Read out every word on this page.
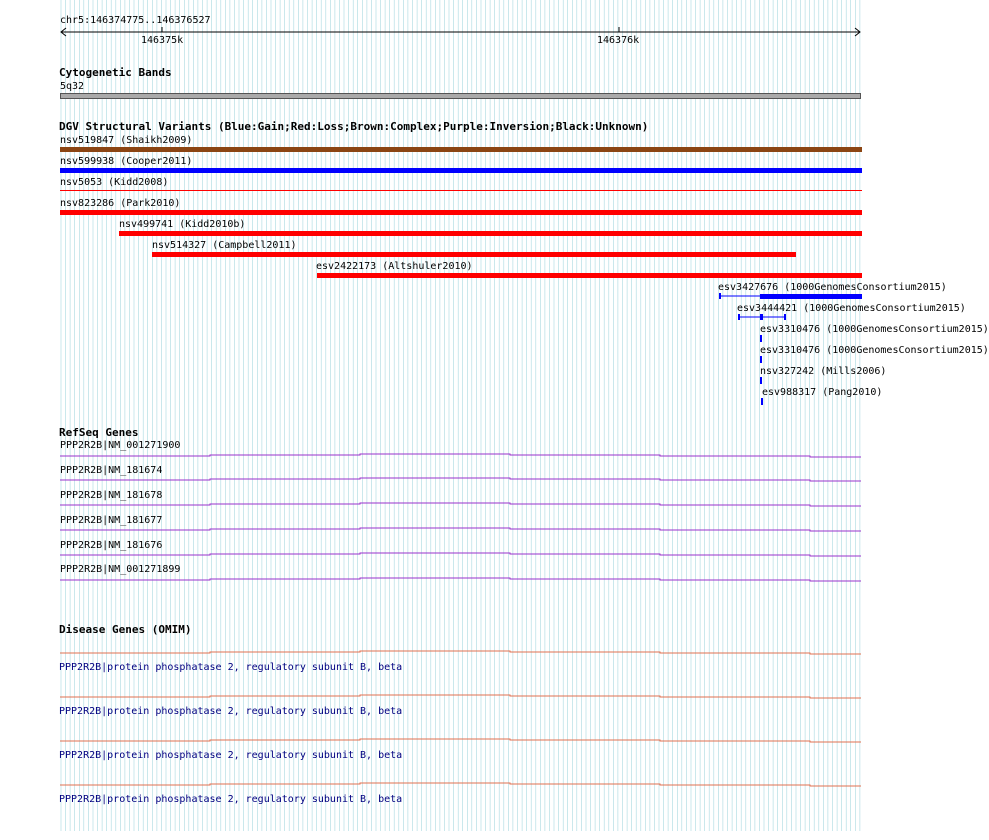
chr5:146374775..146376527
146375k	146376k
Cytogenetic Bands
5q32
DGV Structural Variants (Blue:Gain;Red:Loss;Brown:Complex;Purple:Inversion;Black:Unknown)
nsv519847 (Shaikh2009)
nsv599938 (Cooper2011)
nsv5053 (Kidd2008)
nsv823286 (Park2010)
nsv499741 (Kidd2010b)
nsv514327 (Campbell2011)
esv2422173 (Altshuler2010)
esv3427676 (1000GenomesConsortium2015)
esv3444421 (1000GenomesConsortium2015)
esv3310476 (1000GenomesConsortium2015)
esv3310476 (1000GenomesConsortium2015)
nsv327242 (Mills2006)
esv988317 (Pang2010)
RefSeq Genes
PPP2R2B|NM_001271900
PPP2R2B|NM_181674
PPP2R2B|NM_181678
PPP2R2B|NM_181677
PPP2R2B|NM_181676
PPP2R2B|NM_001271899
Disease Genes (OMIM)
PPP2R2B|protein phosphatase 2, regulatory subunit B, beta
PPP2R2B|protein phosphatase 2, regulatory subunit B, beta
PPP2R2B|protein phosphatase 2, regulatory subunit B, beta
PPP2R2B|protein phosphatase 2, regulatory subunit B, beta
